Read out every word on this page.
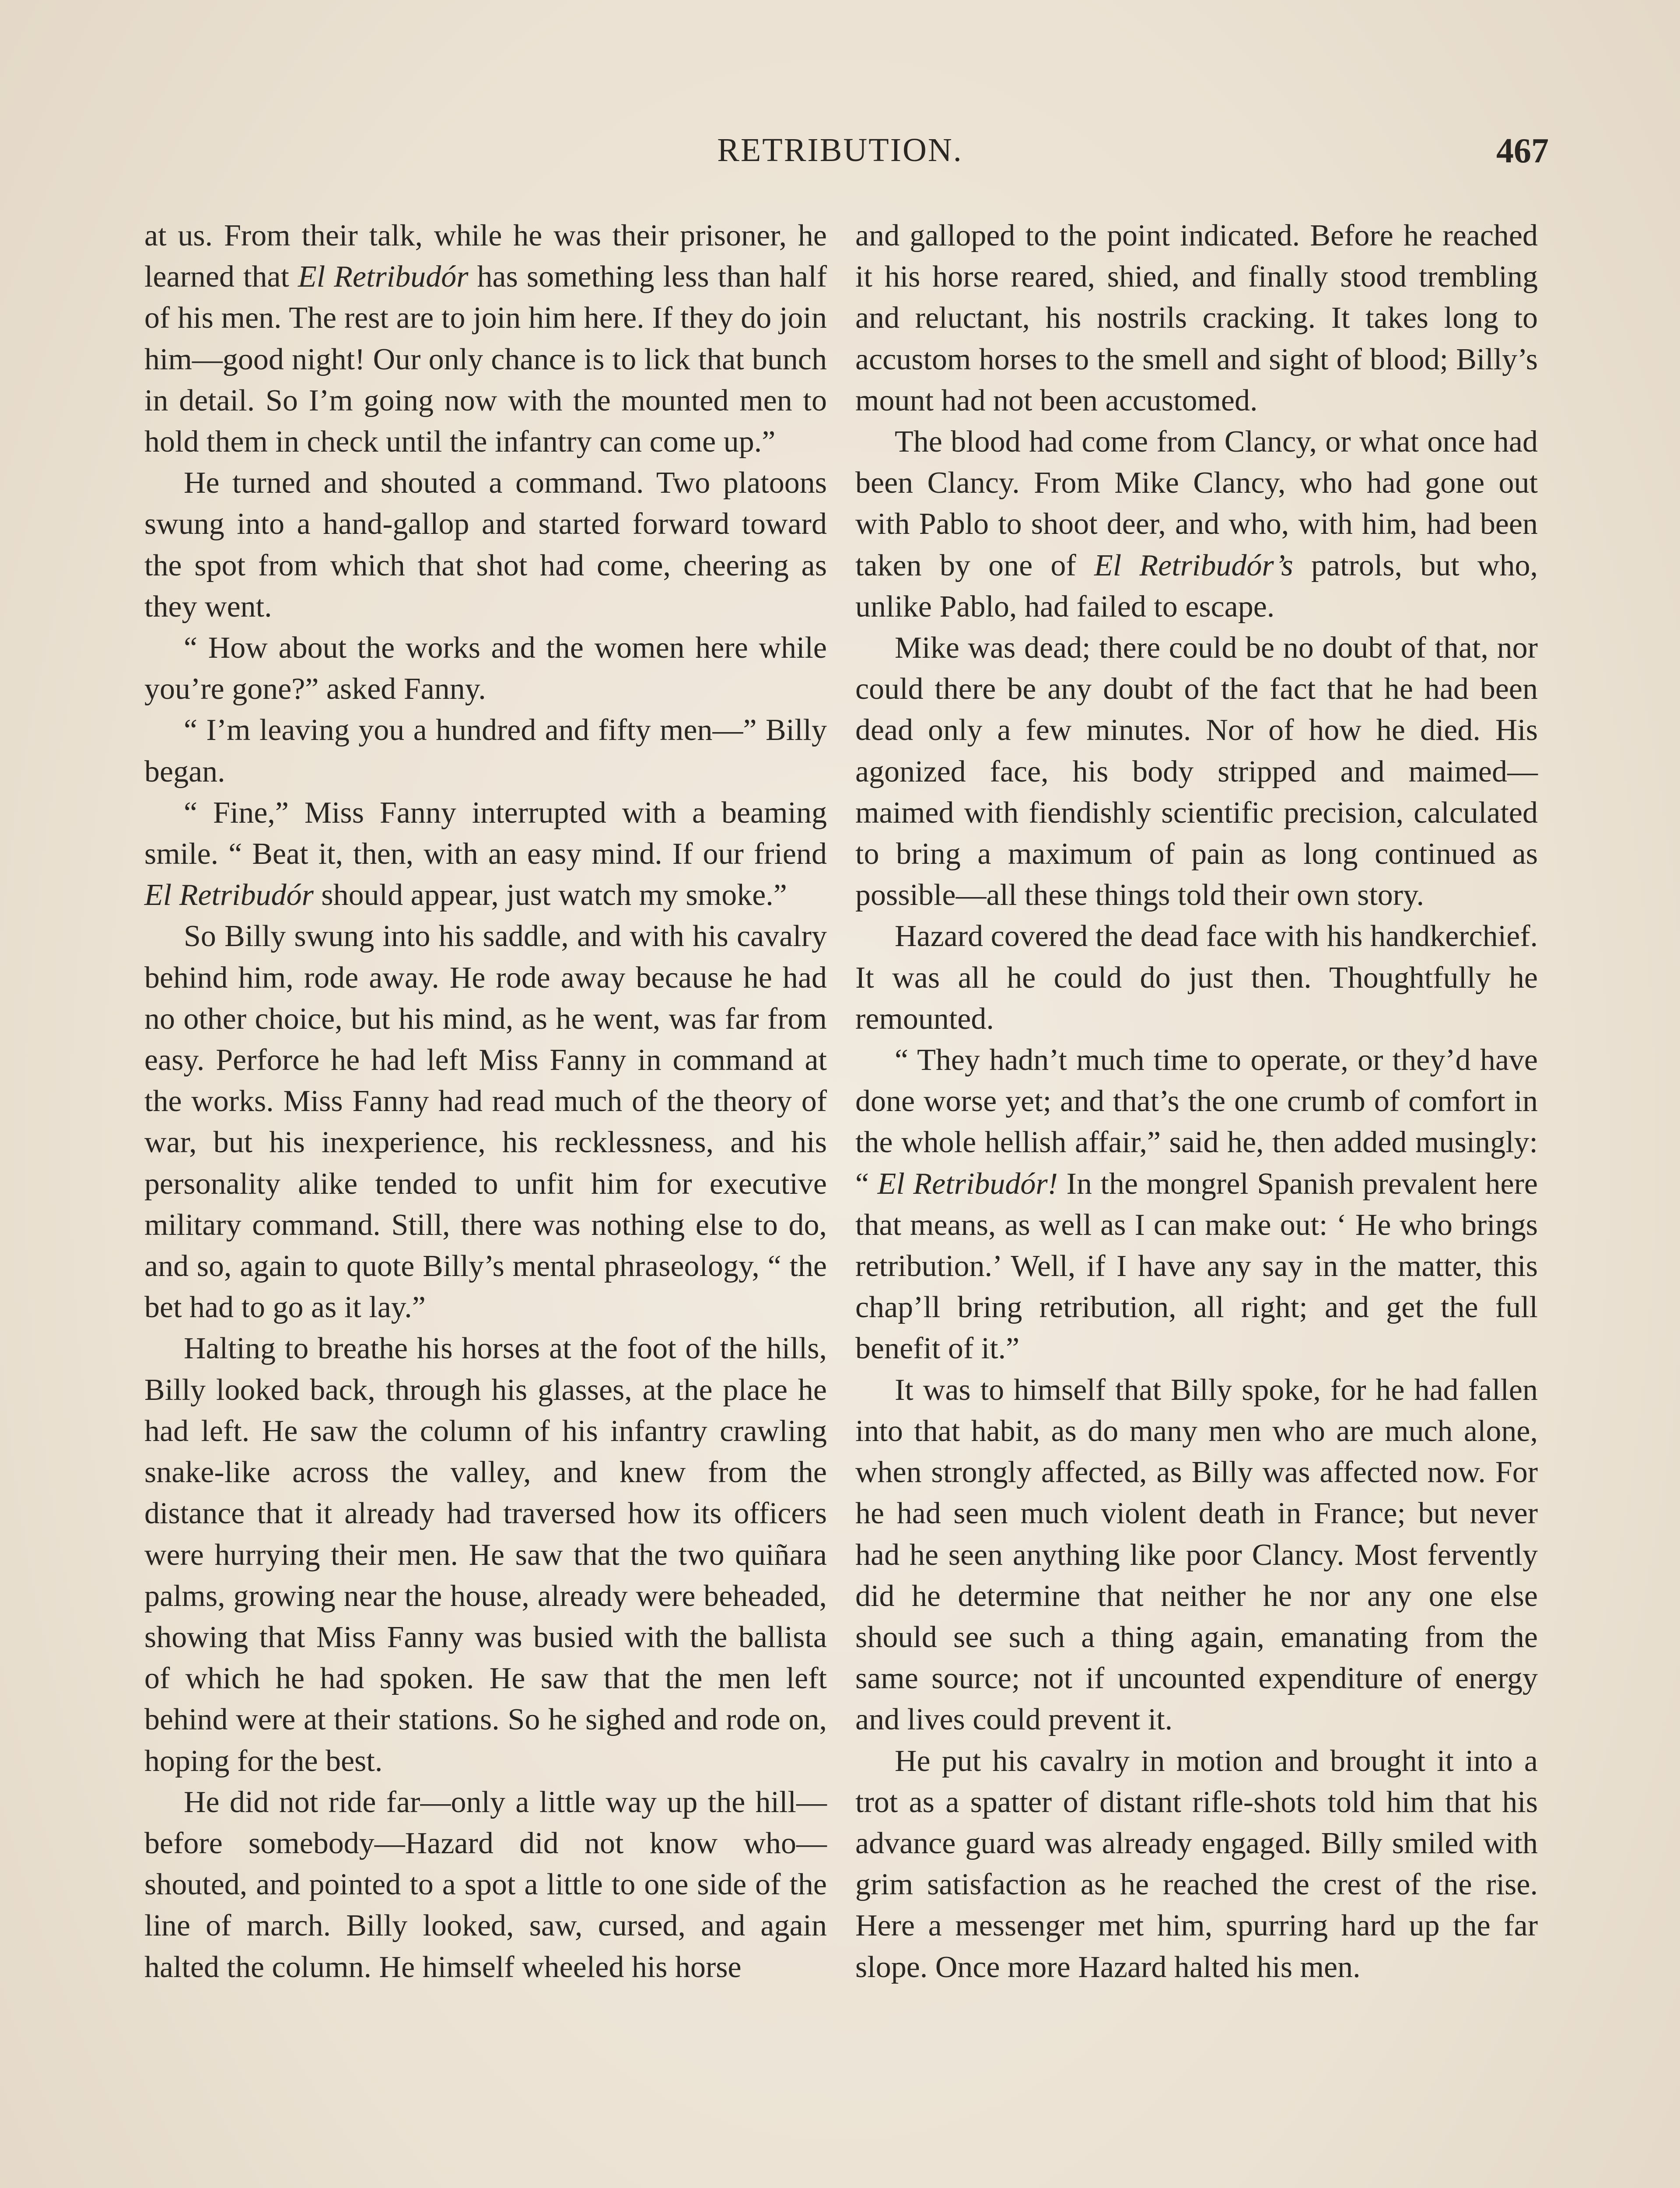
RETRIBUTION.	467

at us. From their talk, while he was their prisoner, he learned that El Retribudór has something less than half of his men. The rest are to join him here. If they do join him—good night! Our only chance is to lick that bunch in detail. So I’m going now with the mounted men to hold them in check until the infantry can come up.”

He turned and shouted a command. Two platoons swung into a hand-gallop and started forward toward the spot from which that shot had come, cheering as they went.

“ How about the works and the women here while you’re gone?” asked Fanny.

“ I’m leaving you a hundred and fifty men—” Billy began.

“ Fine,” Miss Fanny interrupted with a beaming smile. “ Beat it, then, with an easy mind. If our friend El Retribudór should appear, just watch my smoke.”

So Billy swung into his saddle, and with his cavalry behind him, rode away. He rode away because he had no other choice, but his mind, as he went, was far from easy. Perforce he had left Miss Fanny in command at the works. Miss Fanny had read much of the theory of war, but his inexperience, his recklessness, and his personality alike tended to unfit him for executive military command. Still, there was nothing else to do, and so, again to quote Billy’s mental phraseology, “ the bet had to go as it lay.”

Halting to breathe his horses at the foot of the hills, Billy looked back, through his glasses, at the place he had left. He saw the column of his infantry crawling snake-like across the valley, and knew from the distance that it already had traversed how its officers were hurrying their men. He saw that the two quiñara palms, growing near the house, already were beheaded, showing that Miss Fanny was busied with the ballista of which he had spoken. He saw that the men left behind were at their stations. So he sighed and rode on, hoping for the best.

He did not ride far—only a little way up the hill—before somebody—Hazard did not know who—shouted, and pointed to a spot a little to one side of the line of march. Billy looked, saw, cursed, and again halted the column. He himself wheeled his horse

and galloped to the point indicated. Before he reached it his horse reared, shied, and finally stood trembling and reluctant, his nostrils cracking. It takes long to accustom horses to the smell and sight of blood; Billy’s mount had not been accustomed.

The blood had come from Clancy, or what once had been Clancy. From Mike Clancy, who had gone out with Pablo to shoot deer, and who, with him, had been taken by one of El Retribudór’s patrols, but who, unlike Pablo, had failed to escape.

Mike was dead; there could be no doubt of that, nor could there be any doubt of the fact that he had been dead only a few minutes. Nor of how he died. His agonized face, his body stripped and maimed—maimed with fiendishly scientific precision, calculated to bring a maximum of pain as long continued as possible—all these things told their own story.

Hazard covered the dead face with his handkerchief. It was all he could do just then. Thoughtfully he remounted.

“ They hadn’t much time to operate, or they’d have done worse yet; and that’s the one crumb of comfort in the whole hellish affair,” said he, then added musingly: “ El Retribudór! In the mongrel Spanish prevalent here that means, as well as I can make out: ‘ He who brings retribution.’ Well, if I have any say in the matter, this chap’ll bring retribution, all right; and get the full benefit of it.”

It was to himself that Billy spoke, for he had fallen into that habit, as do many men who are much alone, when strongly affected, as Billy was affected now. For he had seen much violent death in France; but never had he seen anything like poor Clancy. Most fervently did he determine that neither he nor any one else should see such a thing again, emanating from the same source; not if uncounted expenditure of energy and lives could prevent it.

He put his cavalry in motion and brought it into a trot as a spatter of distant rifle-shots told him that his advance guard was already engaged. Billy smiled with grim satisfaction as he reached the crest of the rise. Here a messenger met him, spurring hard up the far slope. Once more Hazard halted his men.
